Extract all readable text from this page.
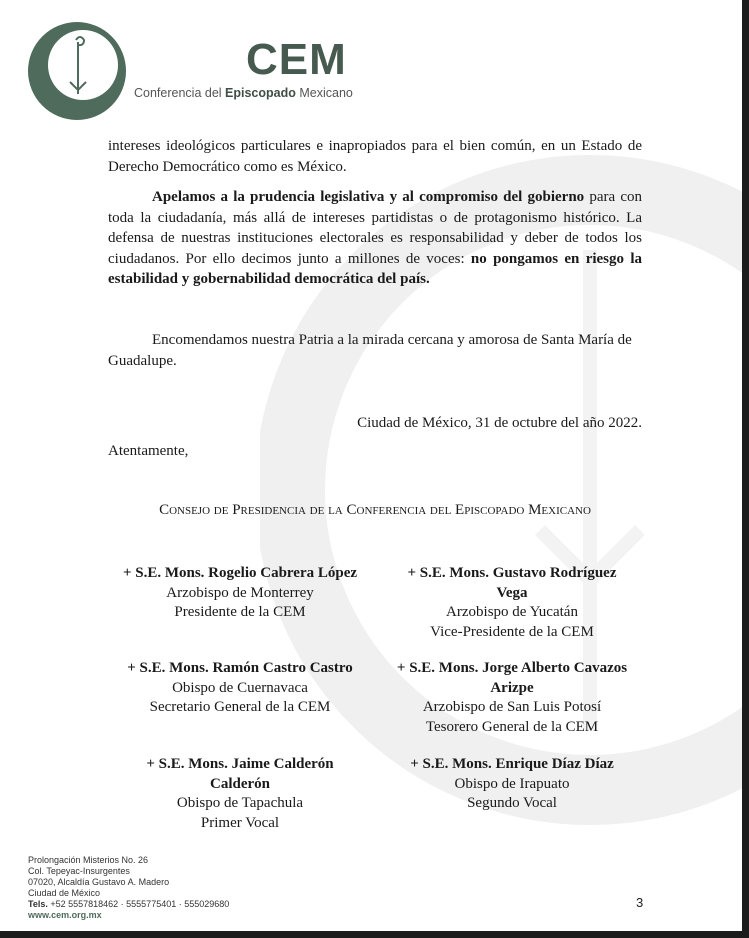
CEM
Conferencia del Episcopado Mexicano
intereses ideológicos particulares e inapropiados para el bien común, en un Estado de Derecho Democrático como es México.
Apelamos a la prudencia legislativa y al compromiso del gobierno para con toda la ciudadanía, más allá de intereses partidistas o de protagonismo histórico. La defensa de nuestras instituciones electorales es responsabilidad y deber de todos los ciudadanos. Por ello decimos junto a millones de voces: no pongamos en riesgo la estabilidad y gobernabilidad democrática del país.
Encomendamos nuestra Patria a la mirada cercana y amorosa de Santa María de Guadalupe.
Ciudad de México, 31 de octubre del año 2022.
Atentamente,
Consejo de Presidencia de la Conferencia del Episcopado Mexicano
+ S.E. Mons. Rogelio Cabrera López
Arzobispo de Monterrey
Presidente de la CEM
+ S.E. Mons. Gustavo Rodríguez Vega
Arzobispo de Yucatán
Vice-Presidente de la CEM
+ S.E. Mons. Ramón Castro Castro
Obispo de Cuernavaca
Secretario General de la CEM
+ S.E. Mons. Jorge Alberto Cavazos Arizpe
Arzobispo de San Luis Potosí
Tesorero General de la CEM
+ S.E. Mons. Jaime Calderón Calderón
Obispo de Tapachula
Primer Vocal
+ S.E. Mons. Enrique Díaz Díaz
Obispo de Irapuato
Segundo Vocal
Prolongación Misterios No. 26
Col. Tepeyac-Insurgentes
07020, Alcaldía Gustavo A. Madero
Ciudad de México
Tels. +52 5557818462 · 5555775401 · 555029680
www.cem.org.mx
3
